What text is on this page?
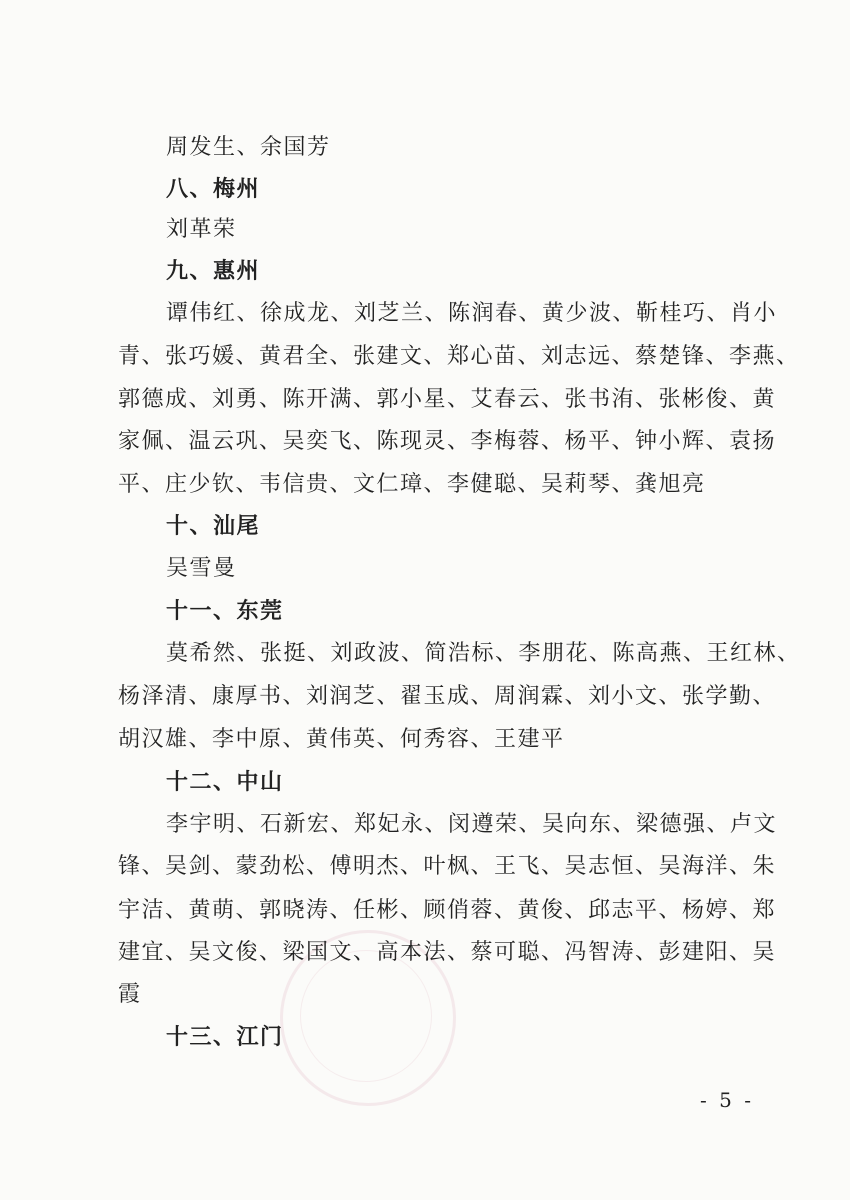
周发生、余国芳
八、梅州
刘革荣
九、惠州
谭伟红、徐成龙、刘芝兰、陈润春、黄少波、靳桂巧、肖小
青、张巧媛、黄君全、张建文、郑心苗、刘志远、蔡楚锋、李燕、
郭德成、刘勇、陈开满、郭小星、艾春云、张书洧、张彬俊、黄
家佩、温云巩、吴奕飞、陈现灵、李梅蓉、杨平、钟小辉、袁扬
平、庄少钦、韦信贵、文仁璋、李健聪、吴莉琴、龚旭亮
十、汕尾
吴雪曼
十一、东莞
莫希然、张挺、刘政波、简浩标、李朋花、陈高燕、王红林、
杨泽清、康厚书、刘润芝、翟玉成、周润霖、刘小文、张学勤、
胡汉雄、李中原、黄伟英、何秀容、王建平
十二、中山
李宇明、石新宏、郑妃永、闵遵荣、吴向东、梁德强、卢文
锋、吴剑、蒙劲松、傅明杰、叶枫、王飞、吴志恒、吴海洋、朱
宇洁、黄萌、郭晓涛、任彬、顾俏蓉、黄俊、邱志平、杨婷、郑
建宜、吴文俊、梁国文、高本法、蔡可聪、冯智涛、彭建阳、吴
霞
十三、江门
- 5 -
